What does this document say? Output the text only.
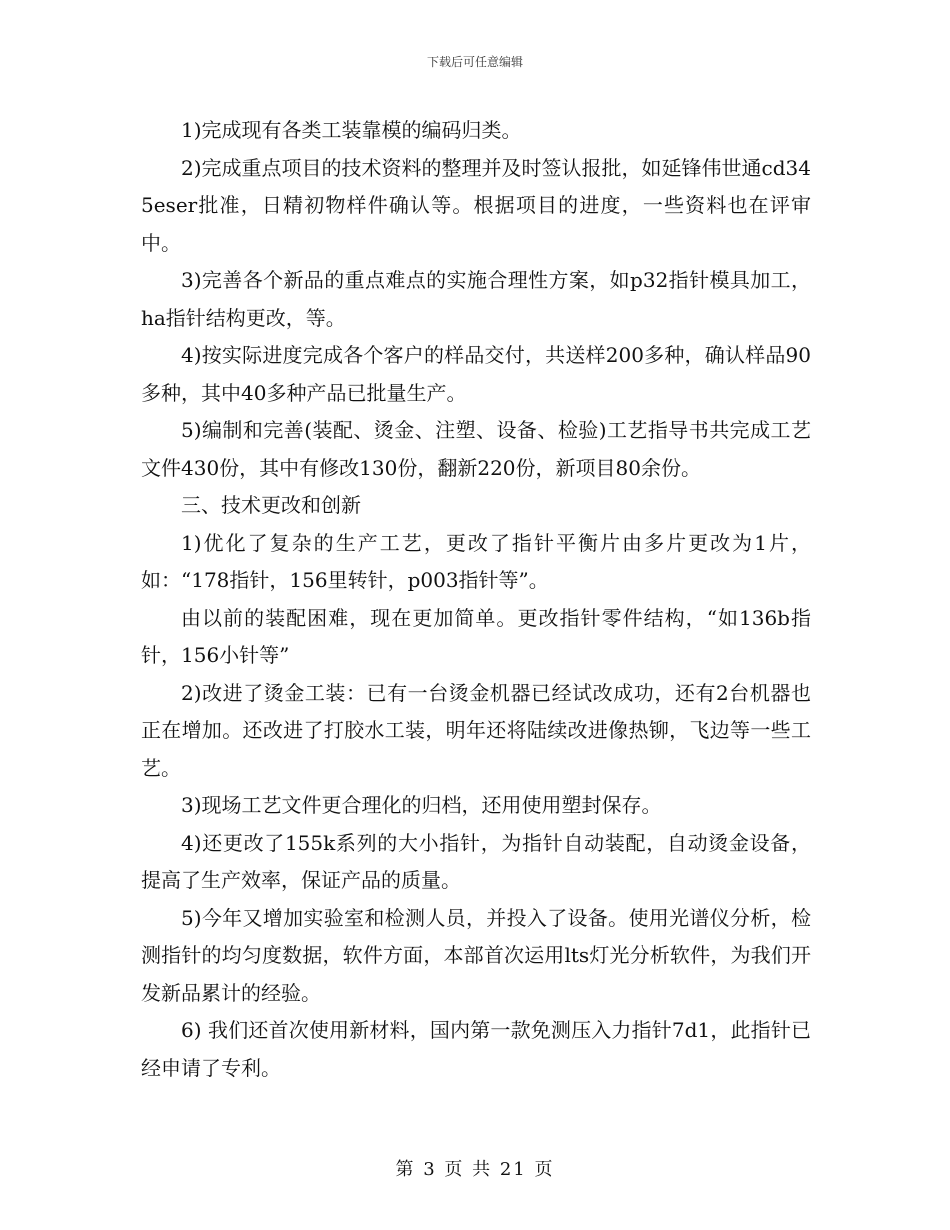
下载后可任意编辑

1)完成现有各类工装靠模的编码归类。

2)完成重点项目的技术资料的整理并及时签认报批，如延锋伟世通cd345eser批准，日精初物样件确认等。根据项目的进度，一些资料也在评审中。

3)完善各个新品的重点难点的实施合理性方案，如p32指针模具加工，ha指针结构更改，等。

4)按实际进度完成各个客户的样品交付，共送样200多种，确认样品90多种，其中40多种产品已批量生产。

5)编制和完善(装配、烫金、注塑、设备、检验)工艺指导书共完成工艺文件430份，其中有修改130份，翻新220份，新项目80余份。

三、技术更改和创新

1)优化了复杂的生产工艺，更改了指针平衡片由多片更改为1片，如：“178指针，156里转针，p003指针等”。

由以前的装配困难，现在更加简单。更改指针零件结构，“如136b指针，156小针等”

2)改进了烫金工装：已有一台烫金机器已经试改成功，还有2台机器也正在增加。还改进了打胶水工装，明年还将陆续改进像热铆，飞边等一些工艺。

3)现场工艺文件更合理化的归档，还用使用塑封保存。

4)还更改了155k系列的大小指针，为指针自动装配，自动烫金设备，提高了生产效率，保证产品的质量。

5)今年又增加实验室和检测人员，并投入了设备。使用光谱仪分析，检测指针的均匀度数据，软件方面，本部首次运用lts灯光分析软件，为我们开发新品累计的经验。

6) 我们还首次使用新材料，国内第一款免测压入力指针7d1，此指针已经申请了专利。

第 3 页 共 21 页
